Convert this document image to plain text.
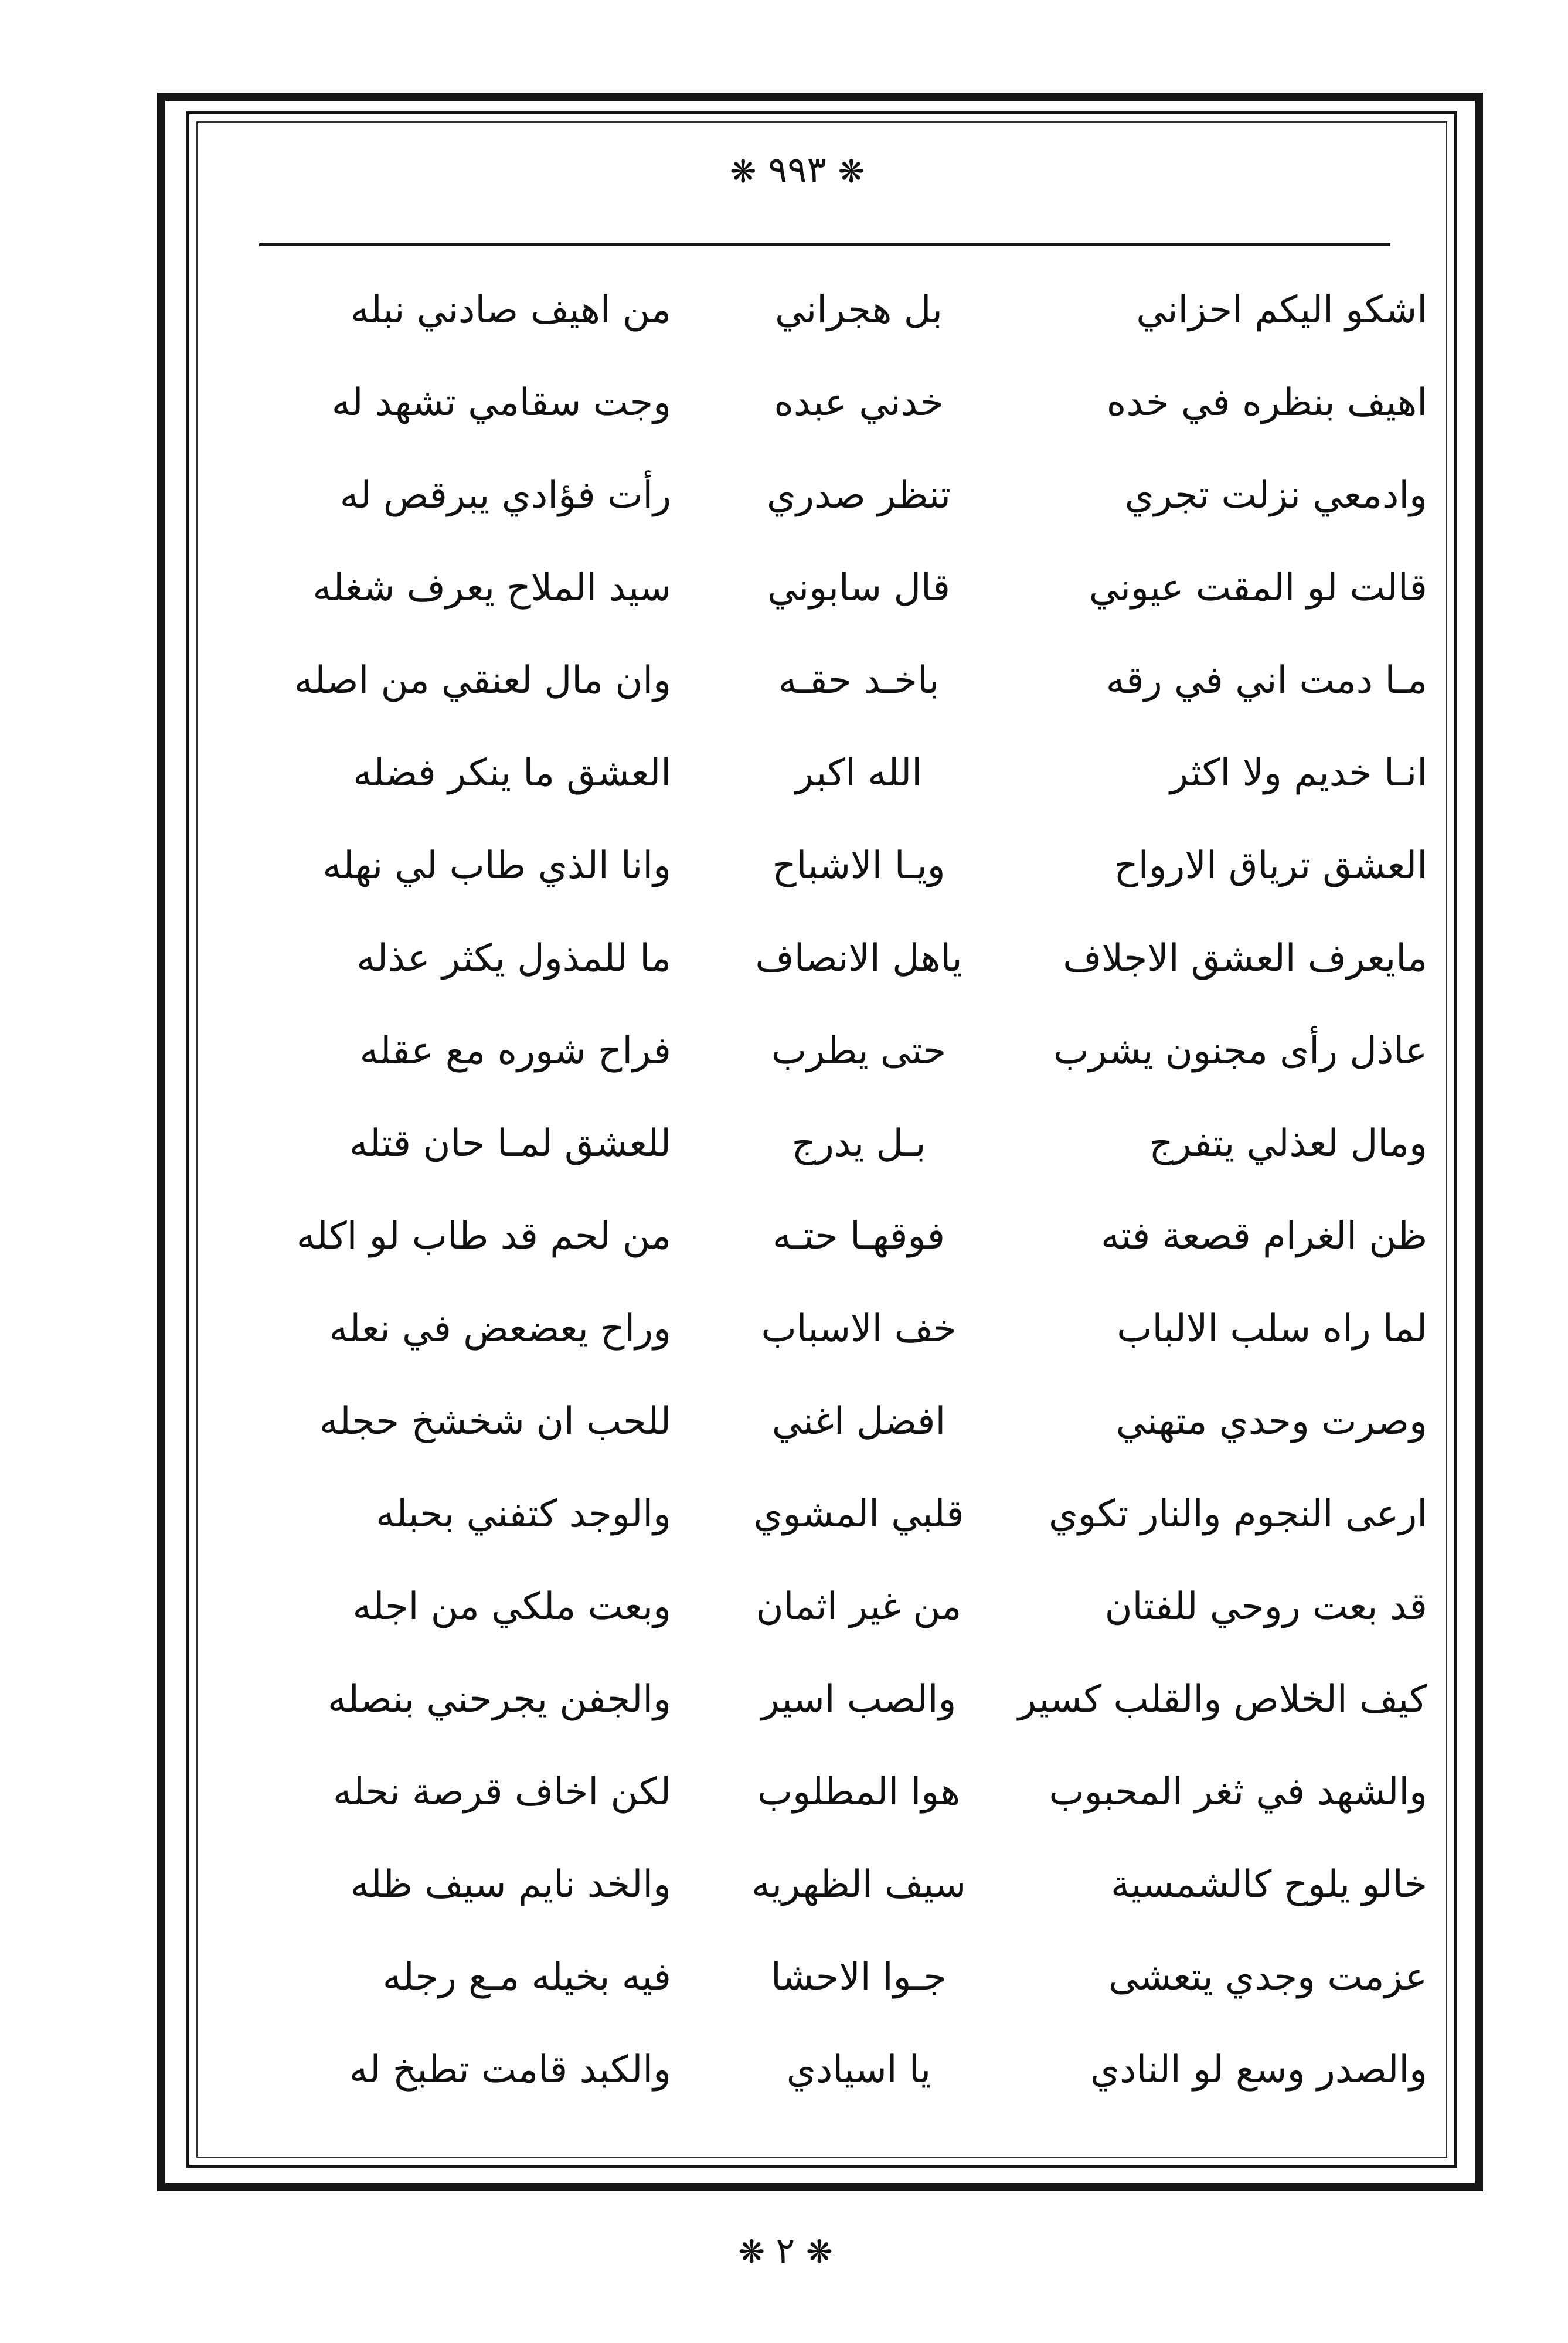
❋ ٩٩٣ ❋
اشكو اليكم احزاني
بل هجراني
من اهيف صادني نبله
اهيف بنظره في خده
خدني عبده
وجت سقامي تشهد له
وادمعي نزلت تجري
تنظر صدري
رأت فؤادي يبرقص له
قالت لو المقت عيوني
قال سابوني
سيد الملاح يعرف شغله
مـا دمت اني في رقه
باخـد حقـه
وان مال لعنقي من اصله
انـا خديم ولا اكثر
الله اكبر
العشق ما ينكر فضله
العشق ترياق الارواح
ويـا الاشباح
وانا الذي طاب لي نهله
مايعرف العشق الاجلاف
ياهل الانصاف
ما للمذول يكثر عذله
عاذل رأى مجنون يشرب
حتى يطرب
فراح شوره مع عقله
ومال لعذلي يتفرج
بـل يدرج
للعشق لمـا حان قتله
ظن الغرام قصعة فته
فوقهـا حتـه
من لحم قد طاب لو اكله
لما راه سلب الالباب
خف الاسباب
وراح يعضعض في نعله
وصرت وحدي متهني
افضل اغني
للحب ان شخشخ حجله
ارعى النجوم والنار تكوي
قلبي المشوي
والوجد كتفني بحبله
قد بعت روحي للفتان
من غير اثمان
وبعت ملكي من اجله
كيف الخلاص والقلب كسير
والصب اسير
والجفن يجرحني بنصله
والشهد في ثغر المحبوب
هوا المطلوب
لكن اخاف قرصة نحله
خالو يلوح كالشمسية
سيف الظهريه
والخد نايم سيف ظله
عزمت وجدي يتعشى
جـوا الاحشا
فيه بخيله مـع رجله
والصدر وسع لو النادي
يا اسيادي
والكبد قامت تطبخ له
❋ ٢ ❋
